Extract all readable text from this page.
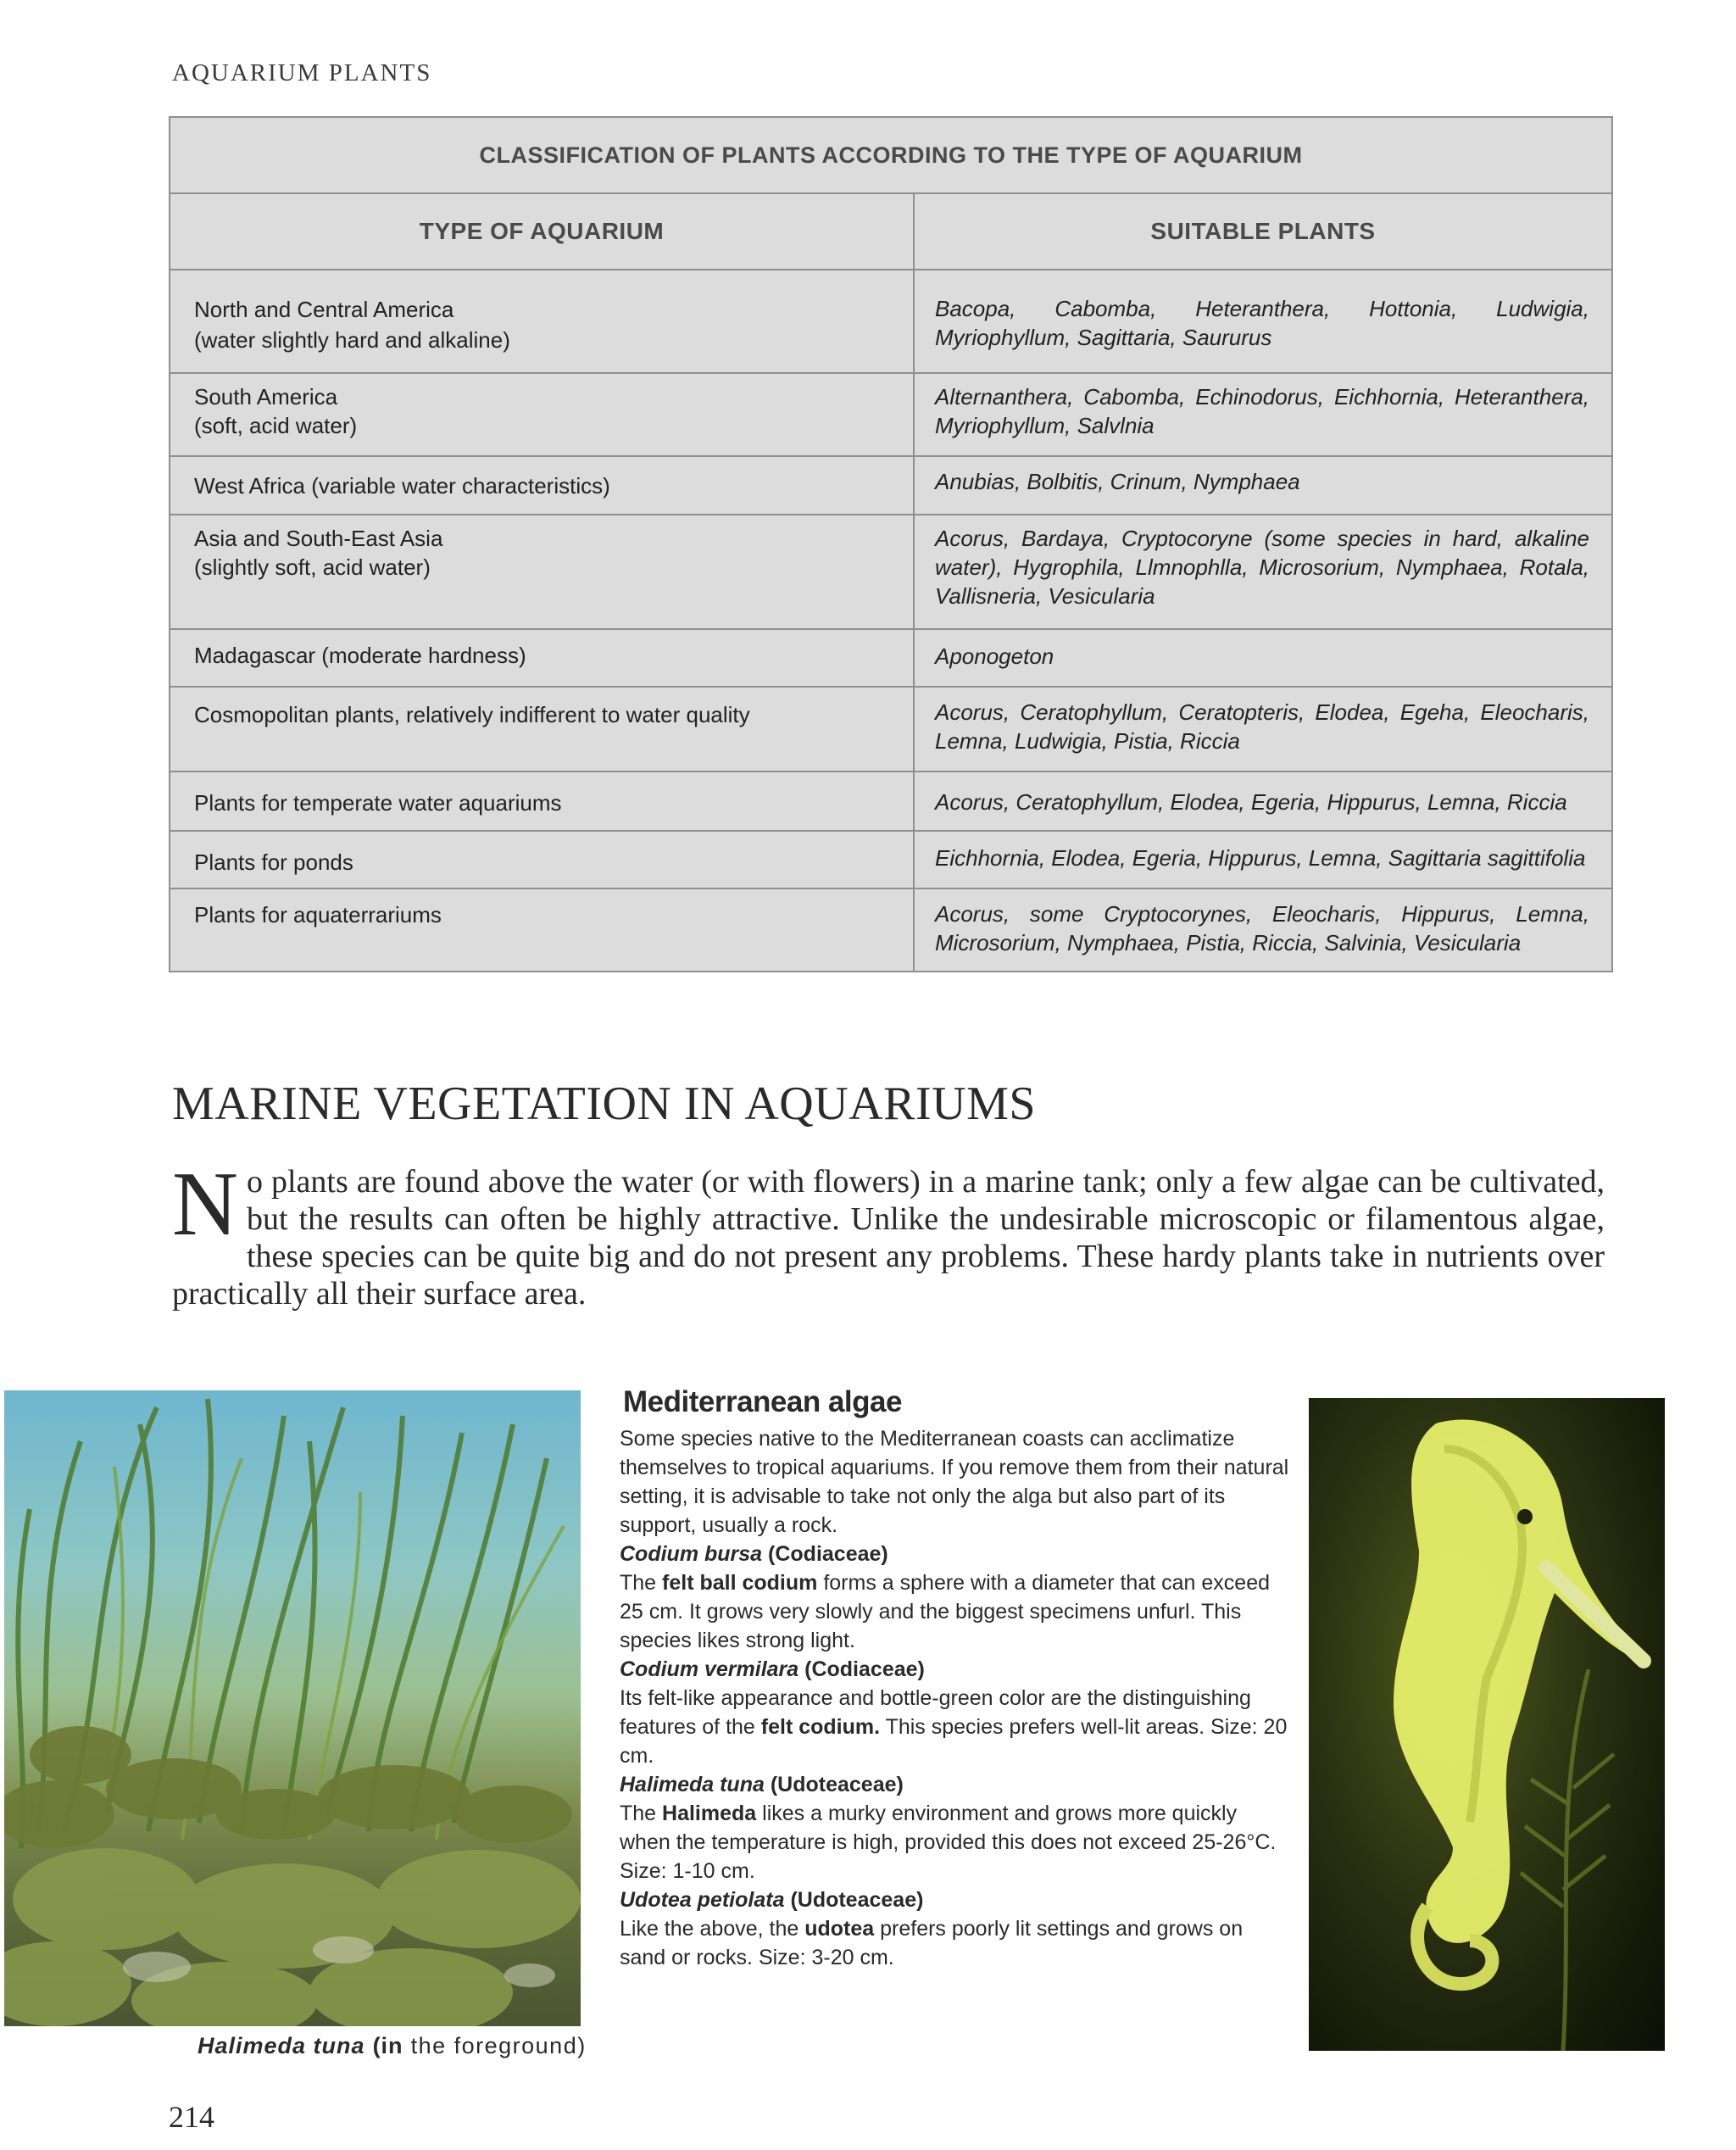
AQUARIUM PLANTS
CLASSIFICATION OF PLANTS ACCORDING TO THE TYPE OF AQUARIUM	
TYPE OF AQUARIUM	SUITABLE PLANTS
North and Central America
(water slightly hard and alkaline)	Bacopa, Cabomba, Heteranthera, Hottonia, Ludwigia, Myriophyllum, Sagittaria, Saururus
South America
(soft, acid water)	Alternanthera, Cabomba, Echinodorus, Eichhornia, Heteranthera, Myriophyllum, Salvlnia
West Africa (variable water characteristics)	Anubias, Bolbitis, Crinum, Nymphaea
Asia and South-East Asia
(slightly soft, acid water)	Acorus, Bardaya, Cryptocoryne (some species in hard, alkaline water), Hygrophila, Llmnophlla, Microsorium, Nymphaea, Rotala, Vallisneria, Vesicularia
Madagascar (moderate hardness)	Aponogeton
Cosmopolitan plants, relatively indifferent to water quality	Acorus, Ceratophyllum, Ceratopteris, Elodea, Egeha, Eleocharis, Lemna, Ludwigia, Pistia, Riccia
Plants for temperate water aquariums	Acorus, Ceratophyllum, Elodea, Egeria, Hippurus, Lemna, Riccia
Plants for ponds	Eichhornia, Elodea, Egeria, Hippurus, Lemna, Sagittaria sagittifolia
Plants for aquaterrariums	Acorus, some Cryptocorynes, Eleocharis, Hippurus, Lemna, Microsorium, Nymphaea, Pistia, Riccia, Salvinia, Vesicularia
MARINE VEGETATION IN AQUARIUMS

No plants are found above the water (or with flowers) in a marine tank; only a few algae can be cultivated, but the results can often be highly attractive. Unlike the undesirable microscopic or filamentous algae, these species can be quite big and do not present any problems. These hardy plants take in nutrients over practically all their surface area.

Halimeda tuna (in the foreground)
Mediterranean algae

Some species native to the Mediterranean coasts can acclimatize themselves to tropical aquariums. If you remove them from their natural setting, it is advisable to take not only the alga but also part of its support, usually a rock.

Codium bursa (Codiaceae)

The felt ball codium forms a sphere with a diameter that can exceed 25 cm. It grows very slowly and the biggest specimens unfurl. This species likes strong light.

Codium vermilara (Codiaceae)

Its felt-like appearance and bottle-green color are the distinguishing features of the felt codium. This species prefers well-lit areas. Size: 20 cm.

Halimeda tuna (Udoteaceae)

The Halimeda likes a murky environment and grows more quickly when the temperature is high, provided this does not exceed 25-26°C. Size: 1-10 cm.

Udotea petiolata (Udoteaceae)

Like the above, the udotea prefers poorly lit settings and grows on sand or rocks. Size: 3-20 cm.

214
